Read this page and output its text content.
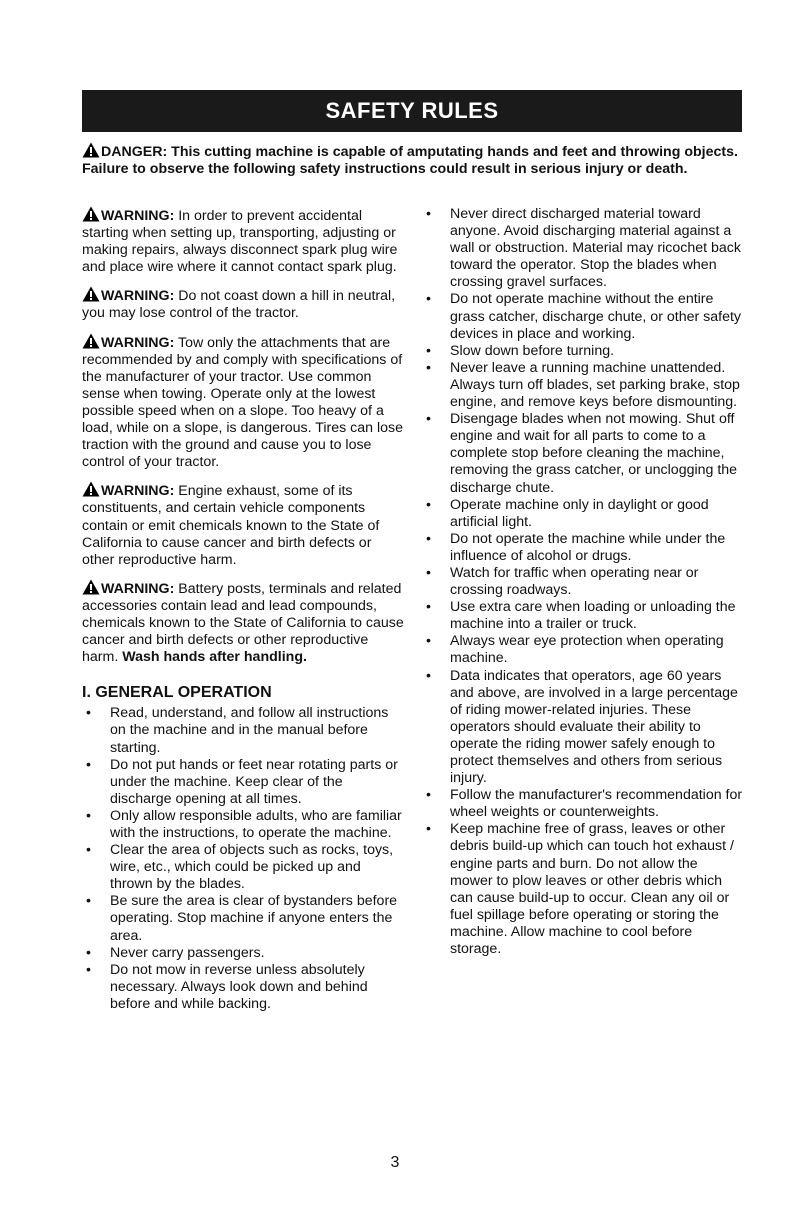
SAFETY RULES
DANGER: This cutting machine is capable of amputating hands and feet and throwing objects. Failure to observe the following safety instructions could result in serious injury or death.

WARNING: In order to prevent accidental starting when setting up, transporting, adjusting or making repairs, always disconnect spark plug wire and place wire where it cannot contact spark plug.

WARNING: Do not coast down a hill in neutral, you may lose control of the tractor.

WARNING: Tow only the attachments that are recommended by and comply with specifications of the manufacturer of your tractor. Use common sense when towing. Operate only at the lowest possible speed when on a slope. Too heavy of a load, while on a slope, is dangerous. Tires can lose traction with the ground and cause you to lose control of your tractor.

WARNING: Engine exhaust, some of its constituents, and certain vehicle components contain or emit chemicals known to the State of California to cause cancer and birth defects or other reproductive harm.

WARNING: Battery posts, terminals and related accessories contain lead and lead compounds, chemicals known to the State of California to cause cancer and birth defects or other reproductive harm. Wash hands after handling.

I. GENERAL OPERATION
• Read, understand, and follow all instructions on the machine and in the manual before starting.
• Do not put hands or feet near rotating parts or under the machine. Keep clear of the discharge opening at all times.
• Only allow responsible adults, who are familiar with the instructions, to operate the machine.
• Clear the area of objects such as rocks, toys, wire, etc., which could be picked up and thrown by the blades.
• Be sure the area is clear of bystanders before operating. Stop machine if anyone enters the area.
• Never carry passengers.
• Do not mow in reverse unless absolutely necessary. Always look down and behind before and while backing.
• Never direct discharged material toward anyone. Avoid discharging material against a wall or obstruction. Material may ricochet back toward the operator. Stop the blades when crossing gravel surfaces.
• Do not operate machine without the entire grass catcher, discharge chute, or other safety devices in place and working.
• Slow down before turning.
• Never leave a running machine unattended. Always turn off blades, set parking brake, stop engine, and remove keys before dismounting.
• Disengage blades when not mowing. Shut off engine and wait for all parts to come to a complete stop before cleaning the machine, removing the grass catcher, or unclogging the discharge chute.
• Operate machine only in daylight or good artificial light.
• Do not operate the machine while under the influence of alcohol or drugs.
• Watch for traffic when operating near or crossing roadways.
• Use extra care when loading or unloading the machine into a trailer or truck.
• Always wear eye protection when operating machine.
• Data indicates that operators, age 60 years and above, are involved in a large percentage of riding mower-related injuries. These operators should evaluate their ability to operate the riding mower safely enough to protect themselves and others from serious injury.
• Follow the manufacturer's recommendation for wheel weights or counterweights.
• Keep machine free of grass, leaves or other debris build-up which can touch hot exhaust / engine parts and burn. Do not allow the mower to plow leaves or other debris which can cause build-up to occur. Clean any oil or fuel spillage before operating or storing the machine. Allow machine to cool before storage.
3
